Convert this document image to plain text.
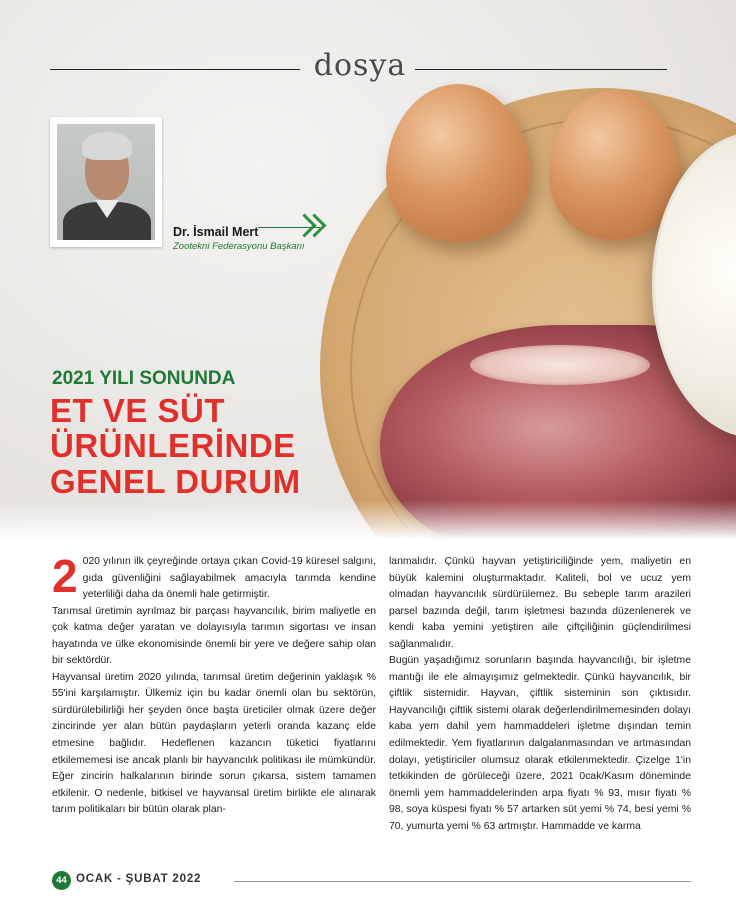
dosya
Dr. İsmail Mert
Zootekni Federasyonu Başkanı
2021 YILI SONUNDA
ET VE SÜT
ÜRÜNLERİNDE
GENEL DURUM
2 020 yılının ilk çeyreğinde ortaya çıkan Covid-19 küresel salgını, gıda güvenliğini sağlayabilmek amacıyla tarımda kendine yeterliliği daha da önemli hale getirmiştir.

Tarımsal üretimin ayrılmaz bir parçası hayvancılık, birim maliyetle en çok katma değer yaratan ve dolayısıyla tarımın sigortası ve insan hayatında ve ülke ekonomisinde önemli bir yere ve değere sahip olan bir sektördür.

Hayvansal üretim 2020 yılında, tarımsal üretim değerinin yaklaşık % 55'ini karşılamıştır. Ülkemiz için bu kadar önemli olan bu sektörün, sürdürülebilirliği her şeyden önce başta üreticiler olmak üzere değer zincirinde yer alan bütün paydaşların yeterli oranda kazanç elde etmesine bağlıdır. Hedeflenen kazancın tüketici fiyatlarını etkilememesi ise ancak planlı bir hayvancılık politikası ile mümkündür. Eğer zincirin halkalarının birinde sorun çıkarsa, sistem tamamen etkilenir. O nedenle, bitkisel ve hayvansal üretim birlikte ele alınarak tarım politikaları bir bütün olarak plan-

lanmalıdır. Çünkü hayvan yetiştiriciliğinde yem, maliyetin en büyük kalemini oluşturmaktadır. Kaliteli, bol ve ucuz yem olmadan hayvancılık sürdürülemez. Bu sebeple tarım arazileri parsel bazında değil, tarım işletmesi bazında düzenlenerek ve kendi kaba yemini yetiştiren aile çiftçiliğinin güçlendirilmesi sağlanmalıdır.

Bugün yaşadığımız sorunların başında hayvancılığı, bir işletme mantığı ile ele almayışımız gelmektedir. Çünkü hayvancılık, bir çiftlik sistemidir. Hayvan, çiftlik sisteminin son çıktısıdır. Hayvancılığı çiftlik sistemi olarak değerlendirilmemesinden dolayı kaba yem dahil yem hammaddeleri işletme dışından temin edilmektedir. Yem fiyatlarının dalgalanmasından ve artmasından dolayı, yetiştiriciler olumsuz olarak etkilenmektedir. Çizelge 1'in tetkikinden de görüleceği üzere, 2021 0cak/Kasım döneminde önemli yem hammaddelerinden arpa fiyatı % 93, mısır fiyatı % 98, soya küspesi fiyatı % 57 artarken süt yemi % 74, besi yemi % 70, yumurta yemi % 63 artmıştır. Hammadde ve karma

44 OCAK - ŞUBAT 2022
